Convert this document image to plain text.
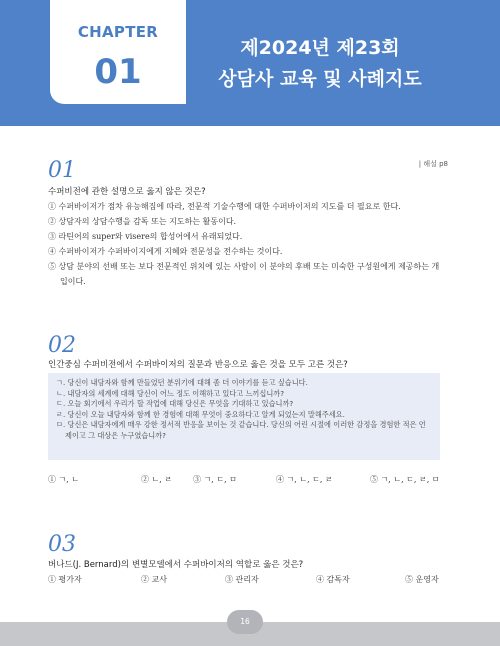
CHAPTER
01
제2024년 제23회
상담사 교육 및 사례지도
01	| 해설 p8
수퍼비전에 관한 설명으로 옳지 않은 것은?
① 수퍼바이저가 점차 유능해짐에 따라, 전문적 기술수행에 대한 수퍼바이저의 지도를 더 필요로 한다.
② 상담자의 상담수행을 감독 또는 지도하는 활동이다.
③ 라틴어의 super와 visere의 합성어에서 유래되었다.
④ 수퍼바이저가 수퍼바이지에게 지혜와 전문성을 전수하는 것이다.
⑤ 상담 분야의 선배 또는 보다 전문적인 위치에 있는 사람이 이 분야의 후배 또는 미숙한 구성원에게 제공하는 개입이다.
02
인간중심 수퍼비전에서 수퍼바이저의 질문과 반응으로 옳은 것을 모두 고른 것은?
ㄱ. 당신이 내담자와 함께 만들었던 분위기에 대해 좀 더 이야기를 듣고 싶습니다.
ㄴ. 내담자의 세계에 대해 당신이 어느 정도 이해하고 있다고 느끼십니까?
ㄷ. 오늘 회기에서 우리가 할 작업에 대해 당신은 무엇을 기대하고 있습니까?
ㄹ. 당신이 오늘 내담자와 함께 한 경험에 대해 무엇이 중요하다고 알게 되었는지 말해주세요.
ㅁ. 당신은 내담자에게 매우 강한 정서적 반응을 보이는 것 같습니다. 당신의 어린 시절에 이러한 감정을 경험한 적은 언제이고 그 대상은 누구였습니까?
① ㄱ, ㄴ	② ㄴ, ㄹ	③ ㄱ, ㄷ, ㅁ	④ ㄱ, ㄴ, ㄷ, ㄹ	⑤ ㄱ, ㄴ, ㄷ, ㄹ, ㅁ
03
버나드(J. Bernard)의 변별모델에서 수퍼바이저의 역할로 옳은 것은?
① 평가자	② 교사	③ 관리자	④ 감독자	⑤ 운영자
16
